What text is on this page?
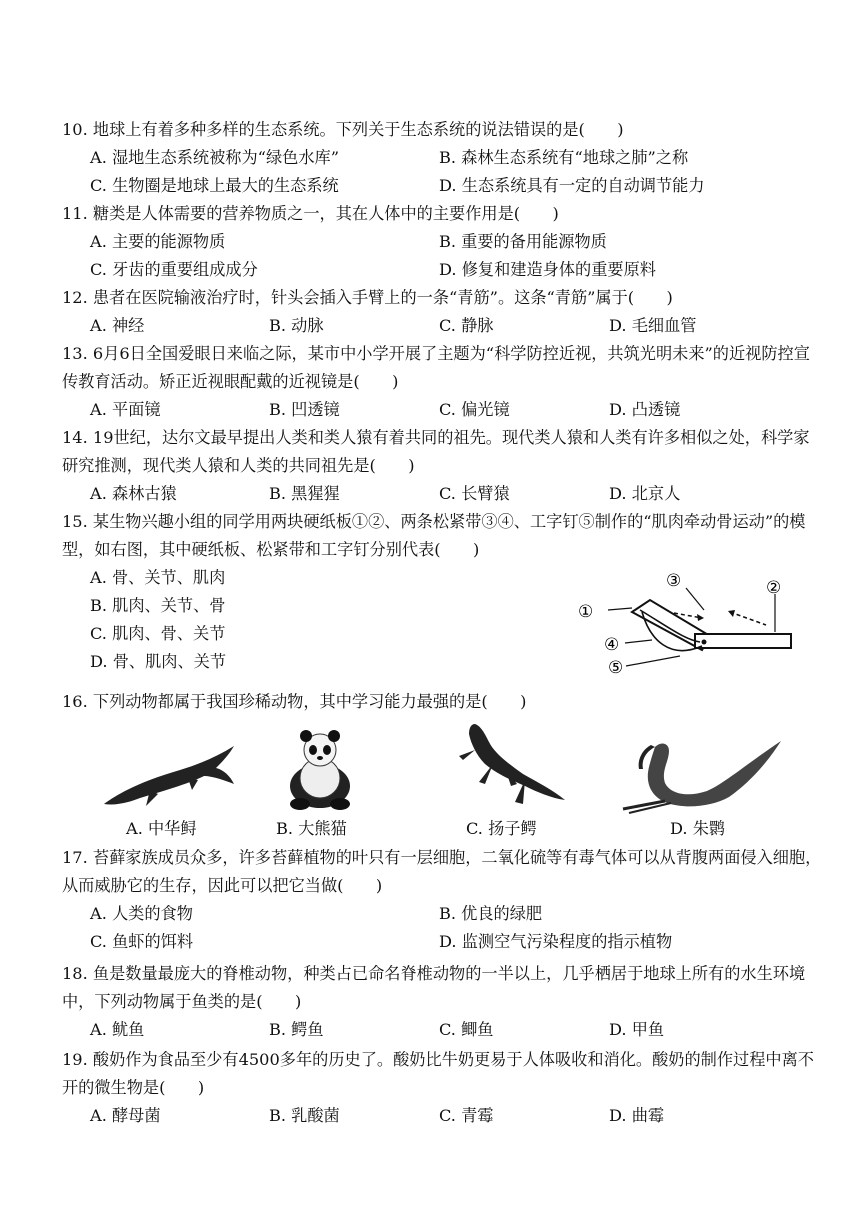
10. 地球上有着多种多样的生态系统。下列关于生态系统的说法错误的是(　　)
A. 湿地生态系统被称为“绿色水库”	B. 森林生态系统有“地球之肺”之称
C. 生物圈是地球上最大的生态系统	D. 生态系统具有一定的自动调节能力
11. 糖类是人体需要的营养物质之一，其在人体中的主要作用是(　　)
A. 主要的能源物质	B. 重要的备用能源物质
C. 牙齿的重要组成成分	D. 修复和建造身体的重要原料
12. 患者在医院输液治疗时，针头会插入手臂上的一条“青筋”。这条“青筋”属于(　　)
A. 神经	B. 动脉	C. 静脉	D. 毛细血管
13. 6月6日全国爱眼日来临之际，某市中小学开展了主题为“科学防控近视，共筑光明未来”的近视防控宣传教育活动。矫正近视眼配戴的近视镜是(　　)
A. 平面镜	B. 凹透镜	C. 偏光镜	D. 凸透镜
14. 19世纪，达尔文最早提出人类和类人猿有着共同的祖先。现代类人猿和人类有许多相似之处，科学家研究推测，现代类人猿和人类的共同祖先是(　　)
A. 森林古猿	B. 黑猩猩	C. 长臂猿	D. 北京人
15. 某生物兴趣小组的同学用两块硬纸板①②、两条松紧带③④、工字钉⑤制作的“肌肉牵动骨运动”的模型，如右图，其中硬纸板、松紧带和工字钉分别代表(　　)
A. 骨、关节、肌肉
B. 肌肉、关节、骨
C. 肌肉、骨、关节
D. 骨、肌肉、关节
①
②
③
④
⑤
16. 下列动物都属于我国珍稀动物，其中学习能力最强的是(　　)
A. 中华鲟	B. 大熊猫	C. 扬子鳄	D. 朱鹮
17. 苔藓家族成员众多，许多苔藓植物的叶只有一层细胞，二氧化硫等有毒气体可以从背腹两面侵入细胞，从而威胁它的生存，因此可以把它当做(　　)
A. 人类的食物	B. 优良的绿肥
C. 鱼虾的饵料	D. 监测空气污染程度的指示植物
18. 鱼是数量最庞大的脊椎动物，种类占已命名脊椎动物的一半以上，几乎栖居于地球上所有的水生环境中，下列动物属于鱼类的是(　　)
A. 鱿鱼	B. 鳄鱼	C. 鲫鱼	D. 甲鱼
19. 酸奶作为食品至少有4500多年的历史了。酸奶比牛奶更易于人体吸收和消化。酸奶的制作过程中离不开的微生物是(　　)
A. 酵母菌	B. 乳酸菌	C. 青霉	D. 曲霉
